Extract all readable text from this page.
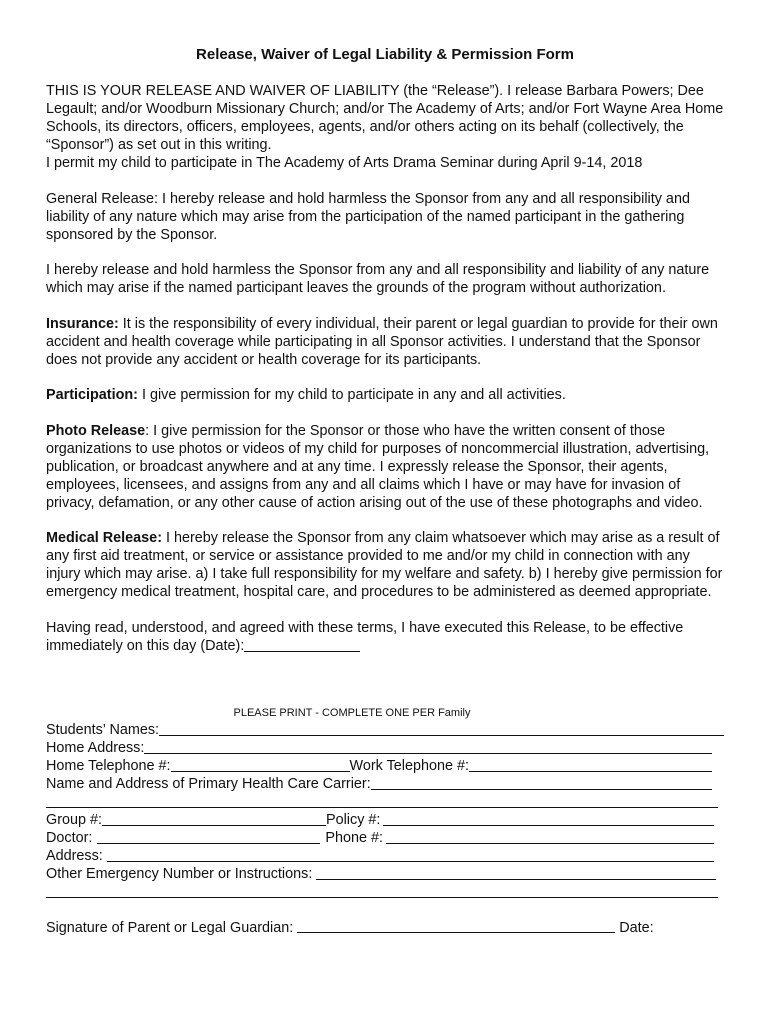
Release, Waiver of Legal Liability & Permission Form

THIS IS YOUR RELEASE AND WAIVER OF LIABILITY (the “Release”). I release Barbara Powers; Dee Legault; and/or Woodburn Missionary Church; and/or The Academy of Arts; and/or Fort Wayne Area Home Schools, its directors, officers, employees, agents, and/or others acting on its behalf (collectively, the “Sponsor”) as set out in this writing.
I permit my child to participate in The Academy of Arts Drama Seminar during April 9-14, 2018

General Release: I hereby release and hold harmless the Sponsor from any and all responsibility and liability of any nature which may arise from the participation of the named participant in the gathering sponsored by the Sponsor.

I hereby release and hold harmless the Sponsor from any and all responsibility and liability of any nature which may arise if the named participant leaves the grounds of the program without authorization.

Insurance: It is the responsibility of every individual, their parent or legal guardian to provide for their own accident and health coverage while participating in all Sponsor activities. I understand that the Sponsor does not provide any accident or health coverage for its participants.

Participation: I give permission for my child to participate in any and all activities.

Photo Release: I give permission for the Sponsor or those who have the written consent of those organizations to use photos or videos of my child for purposes of noncommercial illustration, advertising, publication, or broadcast anywhere and at any time. I expressly release the Sponsor, their agents, employees, licensees, and assigns from any and all claims which I have or may have for invasion of privacy, defamation, or any other cause of action arising out of the use of these photographs and video.

Medical Release: I hereby release the Sponsor from any claim whatsoever which may arise as a result of any first aid treatment, or service or assistance provided to me and/or my child in connection with any injury which may arise. a) I take full responsibility for my welfare and safety. b) I hereby give permission for emergency medical treatment, hospital care, and procedures to be administered as deemed appropriate.

Having read, understood, and agreed with these terms, I have executed this Release, to be effective immediately on this day (Date):

PLEASE PRINT - COMPLETE ONE PER Family
Students’ Names:
Home Address:
Home Telephone #:	Work Telephone #:
Name and Address of Primary Health Care Carrier:
Group #:	Policy #:
Doctor:	Phone #:
Address:
Other Emergency Number or Instructions:
Signature of Parent or Legal Guardian:	Date:
